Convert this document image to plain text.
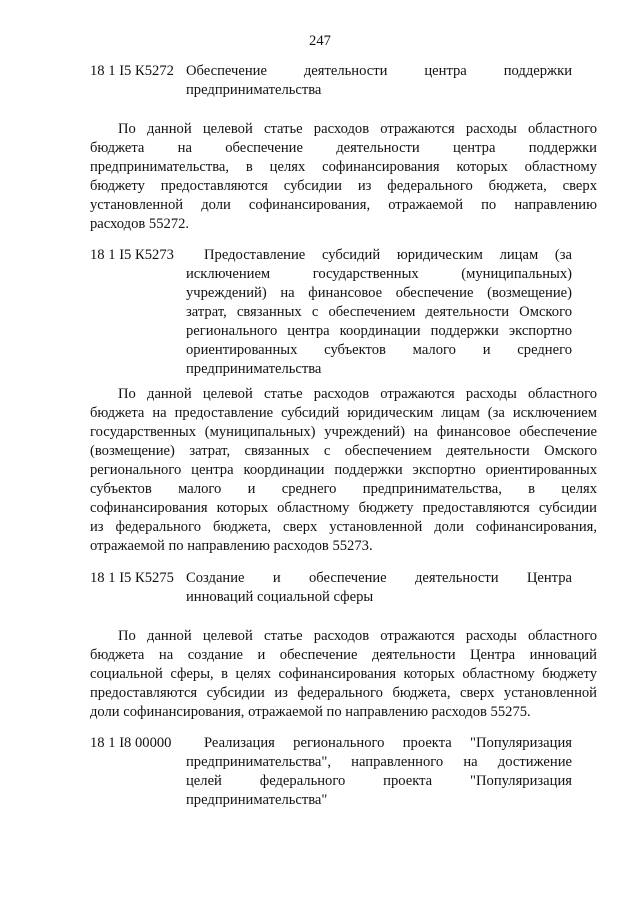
247
18 1 I5 К5272 Обеспечение деятельности центра поддержки
предпринимательства
По данной целевой статье расходов отражаются расходы областного
бюджета на обеспечение деятельности центра поддержки
предпринимательства, в целях софинансирования которых областному
бюджету предоставляются субсидии из федерального бюджета, сверх
установленной доли софинансирования, отражаемой по направлению
расходов 55272.
18 1 I5 К5273	Предоставление субсидий юридическим лицам (за
исключением государственных (муниципальных)
учреждений) на финансовое обеспечение (возмещение)
затрат, связанных с обеспечением деятельности Омского
регионального центра координации поддержки экспортно
ориентированных субъектов малого и среднего
предпринимательства
По данной целевой статье расходов отражаются расходы областного
бюджета на предоставление субсидий юридическим лицам (за исключением
государственных (муниципальных) учреждений) на финансовое обеспечение
(возмещение) затрат, связанных с обеспечением деятельности Омского
регионального центра координации поддержки экспортно ориентированных
субъектов малого и среднего предпринимательства, в целях
софинансирования которых областному бюджету предоставляются субсидии
из федерального бюджета, сверх установленной доли софинансирования,
отражаемой по направлению расходов 55273.
18 1 I5 К5275 Создание и обеспечение деятельности Центра
инноваций социальной сферы
По данной целевой статье расходов отражаются расходы областного
бюджета на создание и обеспечение деятельности Центра инноваций
социальной сферы, в целях софинансирования которых областному бюджету
предоставляются субсидии из федерального бюджета, сверх установленной
доли софинансирования, отражаемой по направлению расходов 55275.
18 1 I8 00000	Реализация регионального проекта "Популяризация
предпринимательства", направленного на достижение
целей федерального проекта "Популяризация
предпринимательства"
